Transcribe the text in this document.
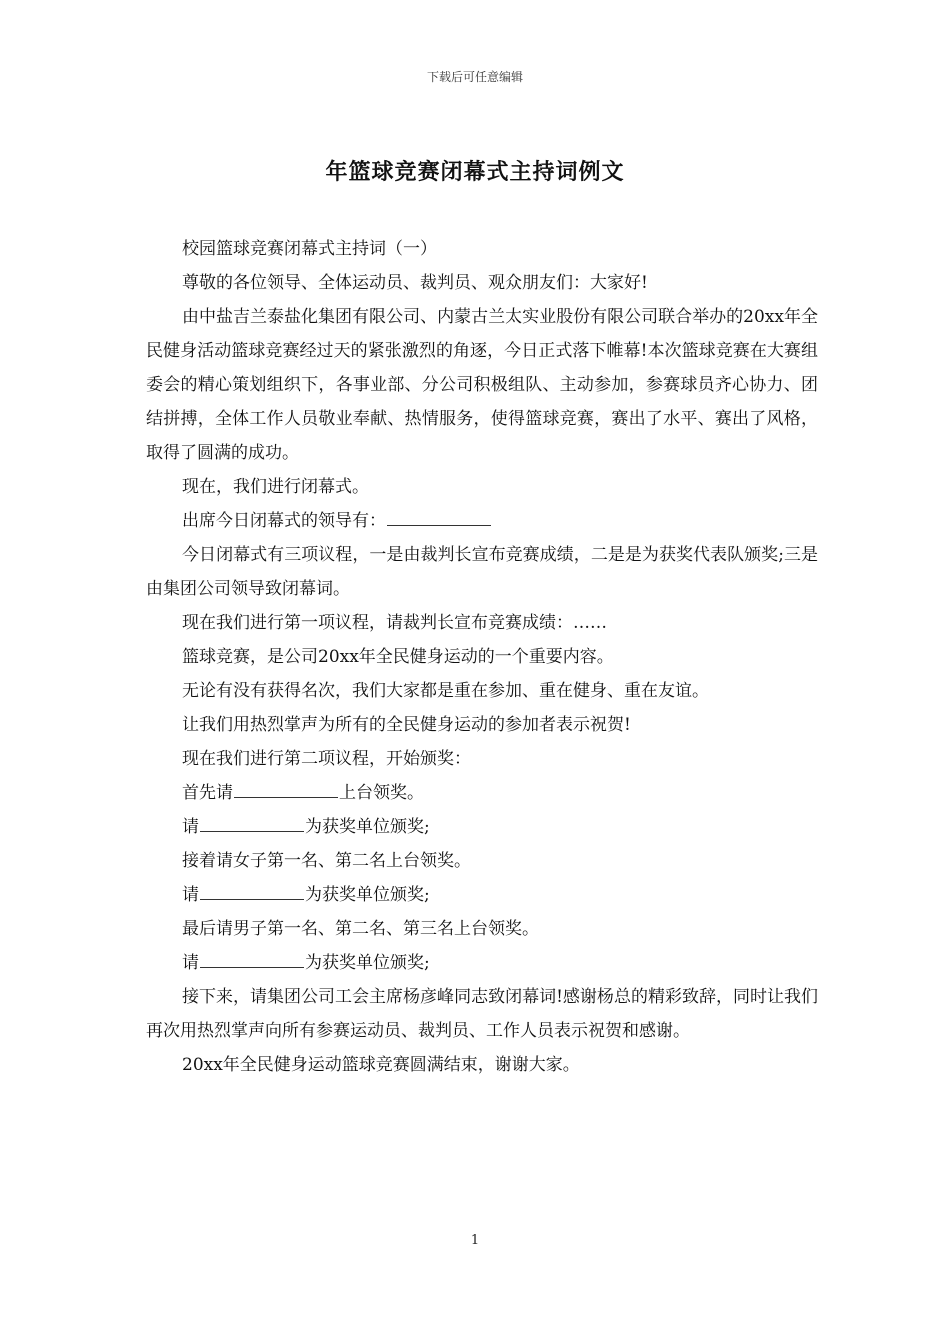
下载后可任意编辑
年篮球竞赛闭幕式主持词例文

校园篮球竞赛闭幕式主持词（一）

尊敬的各位领导、全体运动员、裁判员、观众朋友们：大家好!

由中盐吉兰泰盐化集团有限公司、内蒙古兰太实业股份有限公司联合举办的20xx年全民健身活动篮球竞赛经过天的紧张激烈的角逐，今日正式落下帷幕!本次篮球竞赛在大赛组委会的精心策划组织下，各事业部、分公司积极组队、主动参加，参赛球员齐心协力、团结拼搏，全体工作人员敬业奉献、热情服务，使得篮球竞赛，赛出了水平、赛出了风格，取得了圆满的成功。

现在，我们进行闭幕式。

出席今日闭幕式的领导有：

今日闭幕式有三项议程，一是由裁判长宣布竞赛成绩，二是是为获奖代表队颁奖;三是由集团公司领导致闭幕词。

现在我们进行第一项议程，请裁判长宣布竞赛成绩：……

篮球竞赛，是公司20xx年全民健身运动的一个重要内容。

无论有没有获得名次，我们大家都是重在参加、重在健身、重在友谊。

让我们用热烈掌声为所有的全民健身运动的参加者表示祝贺!

现在我们进行第二项议程，开始颁奖：

首先请	上台领奖。

请	为获奖单位颁奖;

接着请女子第一名、第二名上台领奖。

请	为获奖单位颁奖;

最后请男子第一名、第二名、第三名上台领奖。

请	为获奖单位颁奖;

接下来，请集团公司工会主席杨彦峰同志致闭幕词!感谢杨总的精彩致辞，同时让我们再次用热烈掌声向所有参赛运动员、裁判员、工作人员表示祝贺和感谢。

20xx年全民健身运动篮球竞赛圆满结束，谢谢大家。

1
